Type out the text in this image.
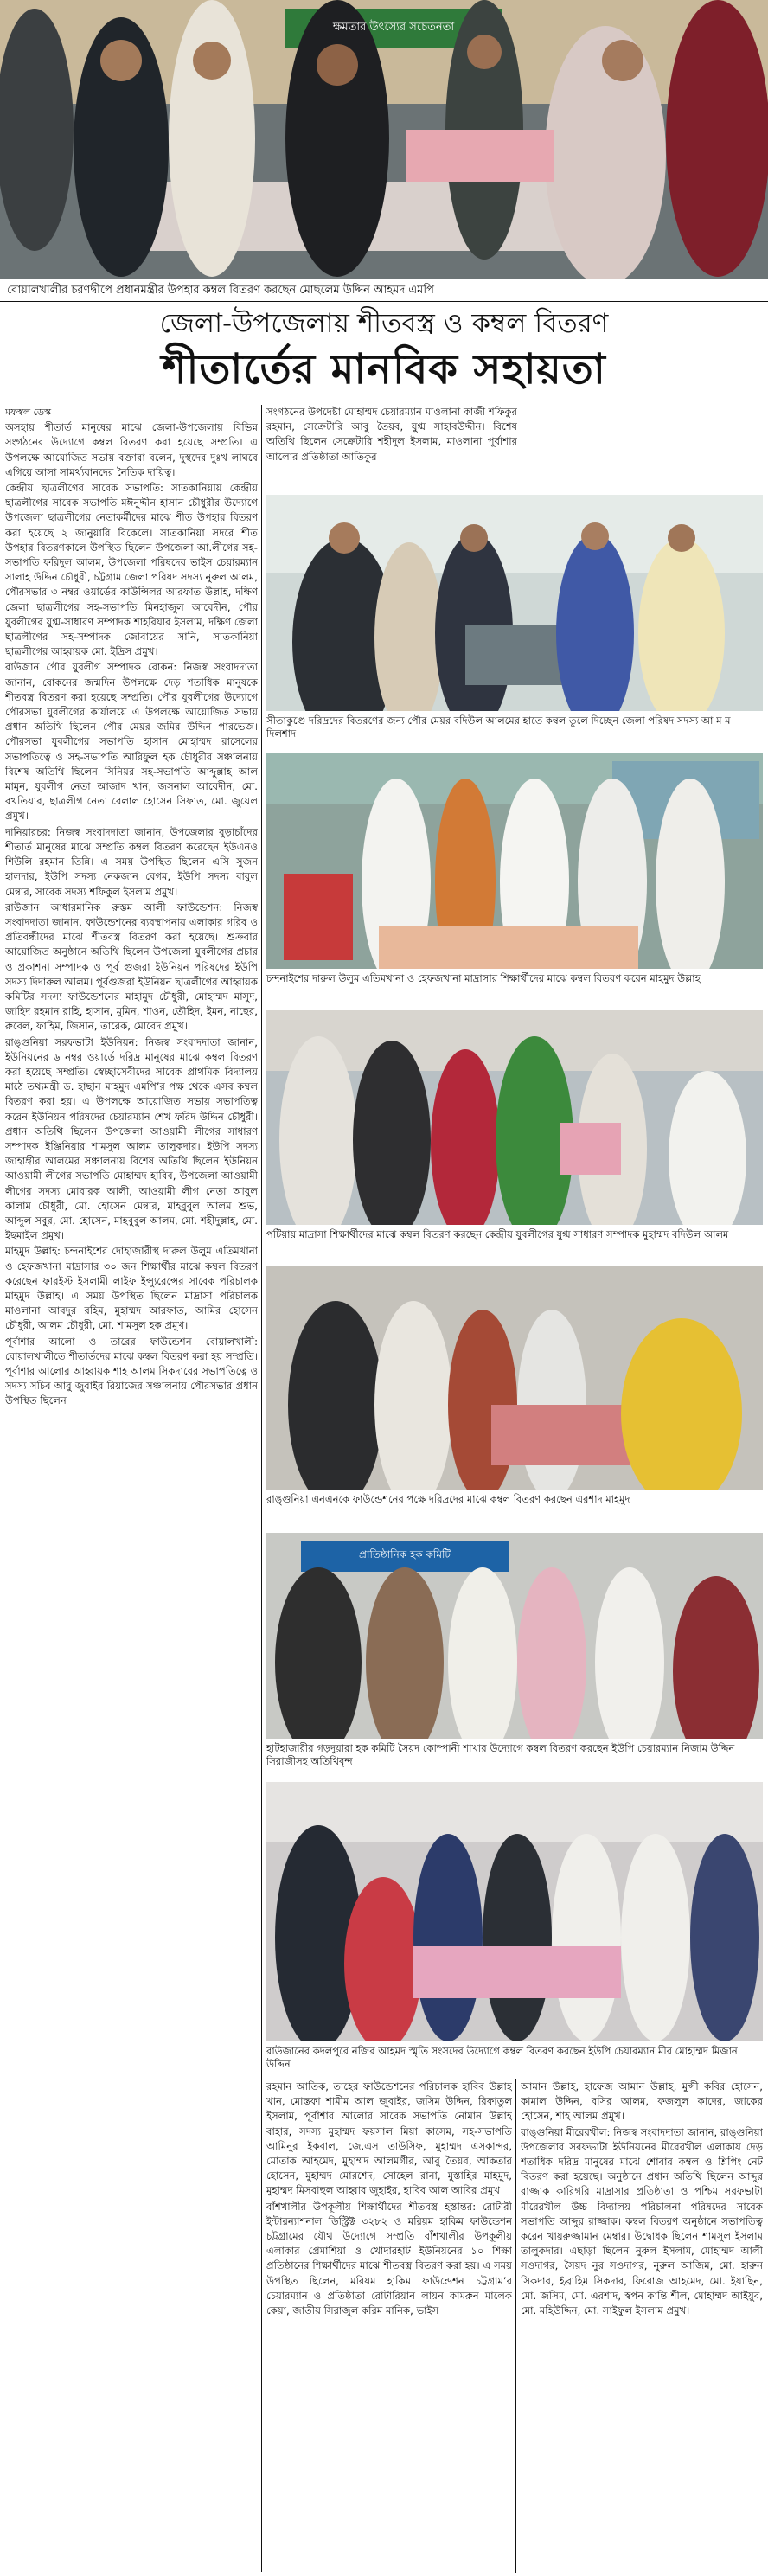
ক্ষমতার উৎস্যের সচেতনতা
বোয়ালখালীর চরণদ্বীপে প্রধানমন্ত্রীর উপহার কম্বল বিতরণ করছেন মোছলেম উদ্দিন আহমদ এমপি
জেলা-উপজেলায় শীতবস্ত্র ও কম্বল বিতরণ
শীতার্তের মানবিক সহায়তা

মফস্বল ডেস্ক

অসহায় শীতার্ত মানুষের মাঝে জেলা-উপজেলায় বিভিন্ন সংগঠনের উদ্যোগে কম্বল বিতরণ করা হয়েছে সম্প্রতি। এ উপলক্ষে আয়োজিত সভায় বক্তারা বলেন, দুস্থদের দুঃখ লাঘবে এগিয়ে আসা সামর্থ্যবানদের নৈতিক দায়িত্ব।

কেন্দ্রীয় ছাত্রলীগের সাবেক সভাপতি: সাতকানিয়ায় কেন্দ্রীয় ছাত্রলীগের সাবেক সভাপতি মঈনুদ্দীন হাসান চৌধুরীর উদ্যোগে উপজেলা ছাত্রলীগের নেতাকর্মীদের মাঝে শীত উপহার বিতরণ করা হয়েছে ২ জানুয়ারি বিকেলে। সাতকানিয়া সদরে শীত উপহার বিতরণকালে উপস্থিত ছিলেন উপজেলা আ.লীগের সহ-সভাপতি ফরিদুল আলম, উপজেলা পরিষদের ভাইস চেয়ারম্যান সালাহ উদ্দিন চৌধুরী, চট্টগ্রাম জেলা পরিষদ সদস্য নুরুল আলম, পৌরসভার ৩ নম্বর ওয়ার্ডের কাউন্সিলর আরফাত উল্লাহ, দক্ষিণ জেলা ছাত্রলীগের সহ-সভাপতি মিনহাজুল আবেদীন, পৌর যুবলীগের যুগ্ম-সাধারণ সম্পাদক শাহরিয়ার ইসলাম, দক্ষিণ জেলা ছাত্রলীগের সহ-সম্পাদক জোবায়ের সানি, সাতকানিয়া ছাত্রলীগের আহ্বায়ক মো. ইদ্রিস প্রমুখ।

রাউজান পৌর যুবলীগ সম্পাদক রোকন: নিজস্ব সংবাদদাতা জানান, রোকনের জন্মদিন উপলক্ষে দেড় শতাধিক মানুষকে শীতবস্ত্র বিতরণ করা হয়েছে সম্প্রতি। পৌর যুবলীগের উদ্যোগে পৌরসভা যুবলীগের কার্যালয়ে এ উপলক্ষে আয়োজিত সভায় প্রধান অতিথি ছিলেন পৌর মেয়র জমির উদ্দিন পারভেজ। পৌরসভা যুবলীগের সভাপতি হাসান মোহাম্মদ রাসেলের সভাপতিত্বে ও সহ-সভাপতি আরিফুল হক চৌধুরীর সঞ্চালনায় বিশেষ অতিথি ছিলেন সিনিয়র সহ-সভাপতি আব্দুল্লাহ আল মামুন, যুবলীগ নেতা আজাদ খান, জসনাল আবেদীন, মো. বখতিয়ার, ছাত্রলীগ নেতা বেলাল হোসেন সিফাত, মো. জুয়েল প্রমুখ।

দানিয়ারচর: নিজস্ব সংবাদদাতা জানান, উপজেলার বুড়াচাঁদের শীতার্ত মানুষের মাঝে সম্প্রতি কম্বল বিতরণ করেছেন ইউএনও শিউলি রহমান তিন্নি। এ সময় উপস্থিত ছিলেন এসি সুজন হালদার, ইউপি সদস্য নেকজান বেগম, ইউপি সদস্য বাবুল মেম্বার, সাবেক সদস্য শফিকুল ইসলাম প্রমুখ।

রাউজান আধারমানিক রুস্তম আলী ফাউন্ডেশন: নিজস্ব সংবাদদাতা জানান, ফাউন্ডেশনের ব্যবস্থাপনায় এলাকার গরিব ও প্রতিবন্ধীদের মাঝে শীতবস্ত্র বিতরণ করা হয়েছে। শুক্রবার আয়োজিত অনুষ্ঠানে অতিথি ছিলেন উপজেলা যুবলীগের প্রচার ও প্রকাশনা সম্পাদক ও পূর্ব গুজরা ইউনিয়ন পরিষদের ইউপি সদস্য দিদারুল আলম। পূর্বগুজরা ইউনিয়ন ছাত্রলীগের আহ্বায়ক কমিটির সদস্য ফাউন্ডেশনের মাহামুদ চৌধুরী, মোহাম্মদ মাসুদ, জাহিদ রহমান রাহি, হাসান, মুমিন, শাওন, তৌহিদ, ইমন, নাছের, রুবেল, ফাহিম, জিসান, তারেক, মোবেদ প্রমুখ।

রাঙ্গুনিয়া সরফভাটা ইউনিয়ন: নিজস্ব সংবাদদাতা জানান, ইউনিয়নের ৬ নম্বর ওয়ার্ডে দরিদ্র মানুষের মাঝে কম্বল বিতরণ করা হয়েছে সম্প্রতি। স্বেচ্ছাসেবীদের সাবেক প্রাথমিক বিদ্যালয় মাঠে তথ্যমন্ত্রী ড. হাছান মাহমুদ এমপি’র পক্ষ থেকে এসব কম্বল বিতরণ করা হয়। এ উপলক্ষে আয়োজিত সভায় সভাপতিত্ব করেন ইউনিয়ন পরিষদের চেয়ারম্যান শেখ ফরিদ উদ্দিন চৌধুরী। প্রধান অতিথি ছিলেন উপজেলা আওয়ামী লীগের সাধারণ সম্পাদক ইঞ্জিনিয়ার শামসুল আলম তালুকদার। ইউপি সদস্য জাহাঙ্গীর আলমের সঞ্চালনায় বিশেষ অতিথি ছিলেন ইউনিয়ন আওয়ামী লীগের সভাপতি মোহাম্মদ হাবিব, উপজেলা আওয়ামী লীগের সদস্য মোবারক আলী, আওয়ামী লীগ নেতা আবুল কালাম চৌধুরী, মো. হোসেন মেম্বার, মাহবুবুল আলম শুভ, আব্দুল সবুর, মো. হোসেন, মাহবুবুল আলম, মো. শহীদুল্লাহ, মো. ইছমাইল প্রমুখ।

মাহমুদ উল্লাহ: চন্দনাইশের দোহাজারীস্থ দারুল উলুম এতিমখানা ও হেফজখানা মাদ্রাসার ৩০ জন শিক্ষার্থীর মাঝে কম্বল বিতরণ করেছেন ফারইস্ট ইসলামী লাইফ ইন্স্যুরেন্সের সাবেক পরিচালক মাহমুদ উল্লাহ। এ সময় উপস্থিত ছিলেন মাদ্রাসা পরিচালক মাওলানা আবদুর রহিম, মুহাম্মদ আরফাত, আমির হোসেন চৌধুরী, আলম চৌধুরী, মো. শামসুল হক প্রমুখ।

পূর্বাশার আলো ও তারের ফাউন্ডেশন বোয়ালখালী: বোয়ালখালীতে শীতার্তদের মাঝে কম্বল বিতরণ করা হয় সম্প্রতি। পূর্বাশার আলোর আহ্বায়ক শাহ আলম সিকদারের সভাপতিত্বে ও সদস্য সচিব আবু জুবাইর রিয়াজের সঞ্চালনায় পৌরসভার প্রধান উপস্থিত ছিলেন

সংগঠনের উপদেষ্টা মোহাম্মদ চেয়ারম্যান মাওলানা কাজী শফিকুর রহমান, সেক্রেটারি আবু তৈয়ব, যুগ্ম সাহাবউদ্দীন। বিশেষ অতিথি ছিলেন সেক্রেটারি শহীদুল ইসলাম, মাওলানা পূর্বাশার আলোর প্রতিষ্ঠাতা আতিকুর

সীতাকুণ্ডে দরিদ্রদের বিতরণের জন্য পৌর মেয়র বদিউল আলমের হাতে কম্বল তুলে দিচ্ছেন জেলা পরিষদ সদস্য আ ম ম দিলশাদ
চন্দনাইশের দারুল উলুম এতিমখানা ও হেফজখানা মাদ্রাসার শিক্ষার্থীদের মাঝে কম্বল বিতরণ করেন মাহমুদ উল্লাহ
পটিয়ায় মাদ্রাসা শিক্ষার্থীদের মাঝে কম্বল বিতরণ করছেন কেন্দ্রীয় যুবলীগের যুগ্ম সাধারণ সম্পাদক মুহাম্মদ বদিউল আলম
রাঙ্গুনিয়া এনএনকে ফাউন্ডেশনের পক্ষে দরিদ্রদের মাঝে কম্বল বিতরণ করছেন এরশাদ মাহমুদ
প্রাতিষ্ঠানিক হক কমিটি
হাটহাজারীর গড়দুয়ারা হক কমিটি সৈয়দ কোম্পানী শাখার উদ্যোগে কম্বল বিতরণ করছেন ইউপি চেয়ারম্যান নিজাম উদ্দিন সিরাজীসহ অতিথিবৃন্দ
রাউজানের কদলপুরে নজির আহমদ স্মৃতি সংসদের উদ্যোগে কম্বল বিতরণ করছেন ইউপি চেয়ারম্যান মীর মোহাম্মদ মিজান উদ্দিন

রহমান আতিক, তাহের ফাউন্ডেশনের পরিচালক হাবিব উল্লাহ খান, মোস্তফা শামীম আল জুবাইর, জসিম উদ্দিন, রিফাতুল ইসলাম, পূর্বাশার আলোর সাবেক সভাপতি নোমান উল্লাহ বাহার, সদস্য মুহাম্মদ ফয়সাল মিয়া কাসেম, সহ-সভাপতি আমিনুর ইকবাল, জে.এস তাউসিফ, মুহাম্মদ এসকান্দর, মোতাক আহমেদ, মুহাম্মদ আলমগীর, আবু তৈয়ব, আকতার হোসেন, মুহাম্মদ মোরশেদ, সোহেল রানা, মুস্তাহির মাহমুদ, মুহাম্মদ মিসবাহুল আহ্বাব জুহাইর, হাবিব আল আবির প্রমুখ।

বাঁশখালীর উপকূলীয় শিক্ষার্থীদের শীতবস্ত্র হস্তান্তর: রোটারী ইন্টারন্যাশনাল ডিস্ট্রিক্ট ৩২৮২ ও মরিয়ম হাকিম ফাউন্ডেশন চট্টগ্রামের যৌথ উদ্যোগে সম্প্রতি বাঁশখালীর উপকূলীয় এলাকার প্রেমাশিয়া ও খোদারহাট ইউনিয়নের ১০ শিক্ষা প্রতিষ্ঠানের শিক্ষার্থীদের মাঝে শীতবস্ত্র বিতরণ করা হয়। এ সময় উপস্থিত ছিলেন, মরিয়ম হাকিম ফাউন্ডেশন চট্টগ্রাম’র চেয়ারম্যান ও প্রতিষ্ঠাতা রোটারিয়ান লায়ন কামরুন মালেক কেয়া, জাতীয় সিরাজুল করিম মানিক, ভাইস

আমান উল্লাহ, হাফেজ আমান উল্লাহ, মুন্সী কবির হোসেন, কামাল উদ্দিন, বসির আলম, ফজলুল কাদের, জাকের হোসেন, শাহ আলম প্রমুখ।

রাঙ্গুনিয়া মীরেরখীল: নিজস্ব সংবাদদাতা জানান, রাঙ্গুনিয়া উপজেলার সরফভাটা ইউনিয়নের মীরেরখীল এলাকায় দেড় শতাধিক দরিদ্র মানুষের মাঝে শোবার কম্বল ও শ্লিপিং নেট বিতরণ করা হয়েছে। অনুষ্ঠানে প্রধান অতিথি ছিলেন আব্দুর রাজ্জাক কারিগরি মাদ্রাসার প্রতিষ্ঠাতা ও পশ্চিম সরফভাটা মীরেরখীল উচ্চ বিদ্যালয় পরিচালনা পরিষদের সাবেক সভাপতি আব্দুর রাজ্জাক। কম্বল বিতরণ অনুষ্ঠানে সভাপতিত্ব করেন খায়রুজ্জামান মেম্বার। উদ্বোধক ছিলেন শামসুল ইসলাম তালুকদার। এছাড়া ছিলেন নুরুল ইসলাম, মোহাম্মদ আলী সওদাগর, সৈয়দ নুর সওদাগর, নুরুল আজিম, মো. হারুন সিকদার, ইব্রাহিম সিকদার, ফিরোজ আহমেদ, মো. ইয়াছিন, মো. জসিম, মো. এরশাদ, স্বপন কান্তি শীল, মোহাম্মদ আইয়ুব, মো. মহিউদ্দিন, মো. সাইফুল ইসলাম প্রমুখ।
